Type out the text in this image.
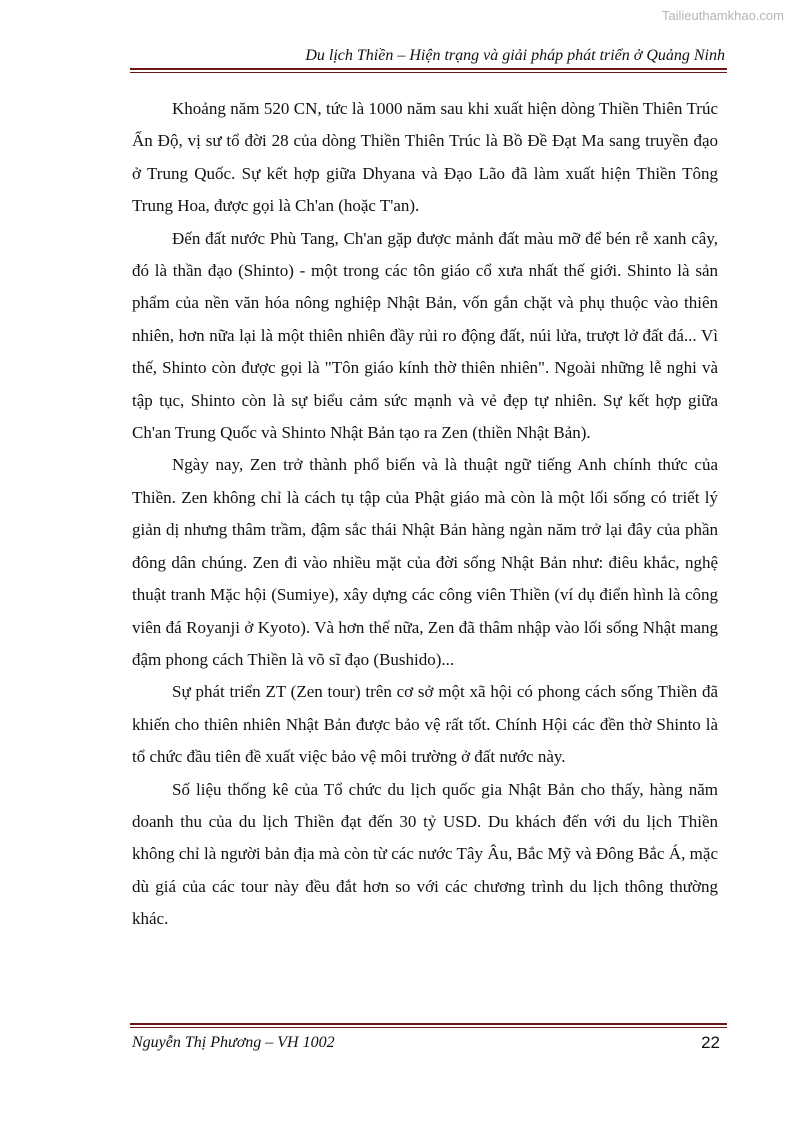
Tailieuthamkhao.com
Du lịch Thiền – Hiện trạng và giải pháp phát triển ở Quảng Ninh

Khoảng năm 520 CN, tức là 1000 năm sau khi xuất hiện dòng Thiền Thiên Trúc Ấn Độ, vị sư tổ đời 28 của dòng Thiền Thiên Trúc là Bồ Đề Đạt Ma sang truyền đạo ở Trung Quốc. Sự kết hợp giữa Dhyana và Đạo Lão đã làm xuất hiện Thiền Tông Trung Hoa, được gọi là Ch'an (hoặc T'an).

Đến đất nước Phù Tang, Ch'an gặp được mảnh đất màu mỡ để bén rễ xanh cây, đó là thần đạo (Shinto) - một trong các tôn giáo cổ xưa nhất thế giới. Shinto là sản phẩm của nền văn hóa nông nghiệp Nhật Bản, vốn gắn chặt và phụ thuộc vào thiên nhiên, hơn nữa lại là một thiên nhiên đầy rủi ro động đất, núi lửa, trượt lở đất đá... Vì thế, Shinto còn được gọi là "Tôn giáo kính thờ thiên nhiên". Ngoài những lễ nghi và tập tục, Shinto còn là sự biểu cảm sức mạnh và vẻ đẹp tự nhiên. Sự kết hợp giữa Ch'an Trung Quốc và Shinto Nhật Bản tạo ra Zen (thiền Nhật Bản).

Ngày nay, Zen trở thành phổ biến và là thuật ngữ tiếng Anh chính thức của Thiền. Zen không chỉ là cách tụ tập của Phật giáo mà còn là một lối sống có triết lý giản dị nhưng thâm trầm, đậm sắc thái Nhật Bản hàng ngàn năm trở lại đây của phần đông dân chúng. Zen đi vào nhiều mặt của đời sống Nhật Bản như: điêu khắc, nghệ thuật tranh Mặc hội (Sumiye), xây dựng các công viên Thiền (ví dụ điển hình là công viên đá Royanji ở Kyoto). Và hơn thế nữa, Zen đã thâm nhập vào lối sống Nhật mang đậm phong cách Thiền là võ sĩ đạo (Bushido)...

Sự phát triển ZT (Zen tour) trên cơ sở một xã hội có phong cách sống Thiền đã khiến cho thiên nhiên Nhật Bản được bảo vệ rất tốt. Chính Hội các đền thờ Shinto là tổ chức đầu tiên đề xuất việc bảo vệ môi trường ở đất nước này.

Số liệu thống kê của Tổ chức du lịch quốc gia Nhật Bản cho thấy, hàng năm doanh thu của du lịch Thiền đạt đến 30 tỷ USD. Du khách đến với du lịch Thiền không chỉ là người bản địa mà còn từ các nước Tây Âu, Bắc Mỹ và Đông Bắc Á, mặc dù giá của các tour này đều đắt hơn so với các chương trình du lịch thông thường khác.

Nguyễn Thị Phương – VH 1002	22
